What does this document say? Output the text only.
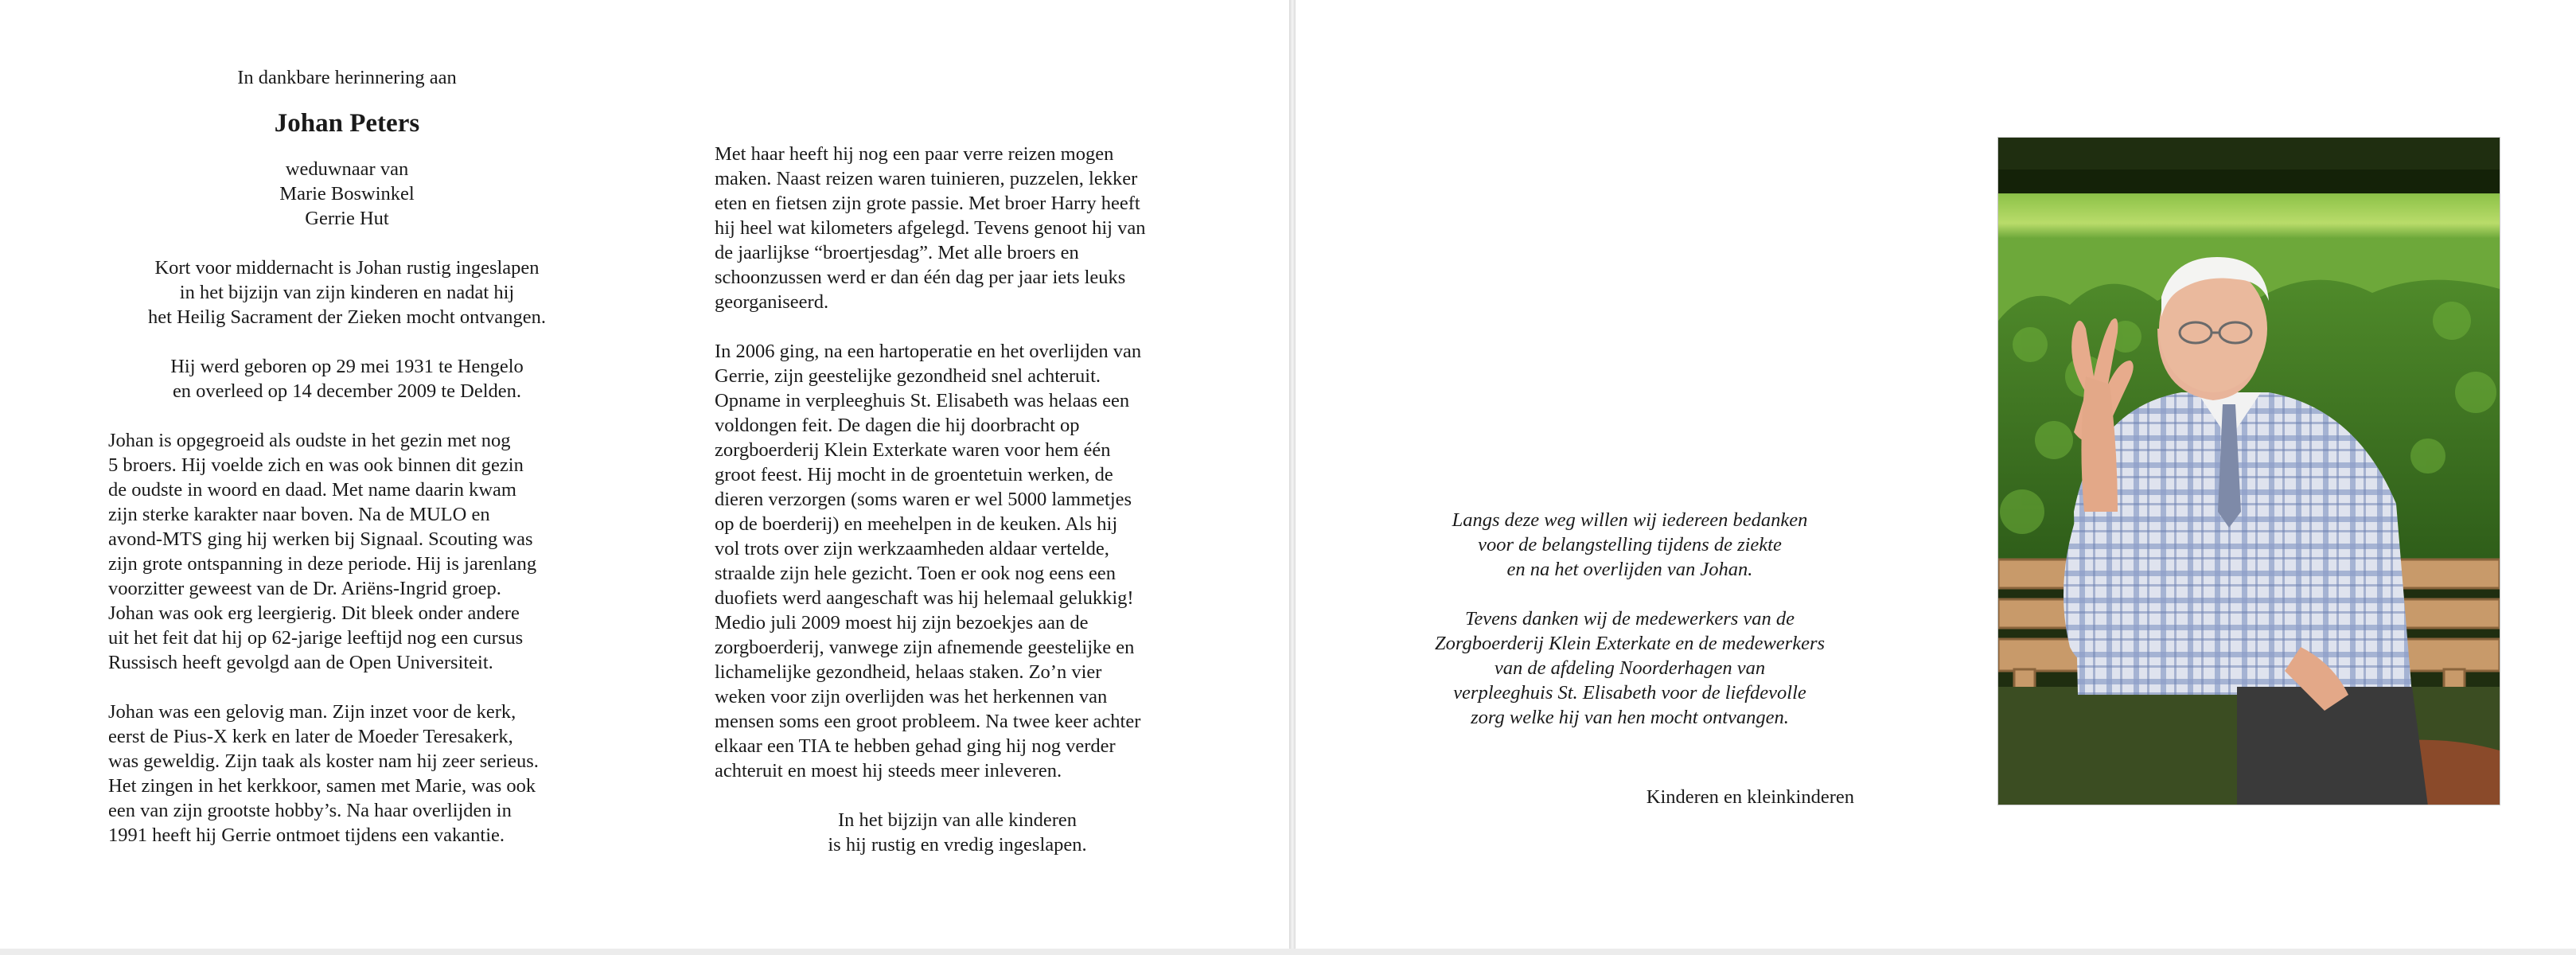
In dankbare herinnering aan
Johan Peters
weduwnaar van
Marie Boswinkel
Gerrie Hut
Kort voor middernacht is Johan rustig ingeslapen
in het bijzijn van zijn kinderen en nadat hij
het Heilig Sacrament der Zieken mocht ontvangen.
Hij werd geboren op 29 mei 1931 te Hengelo
en overleed op 14 december 2009 te Delden.
Johan is opgegroeid als oudste in het gezin met nog
5 broers. Hij voelde zich en was ook binnen dit gezin
de oudste in woord en daad. Met name daarin kwam
zijn sterke karakter naar boven. Na de MULO en
avond-MTS ging hij werken bij Signaal. Scouting was
zijn grote ontspanning in deze periode. Hij is jarenlang
voorzitter geweest van de Dr. Ariëns-Ingrid groep.
Johan was ook erg leergierig. Dit bleek onder andere
uit het feit dat hij op 62-jarige leeftijd nog een cursus
Russisch heeft gevolgd aan de Open Universiteit.
Johan was een gelovig man. Zijn inzet voor de kerk,
eerst de Pius-X kerk en later de Moeder Teresakerk,
was geweldig. Zijn taak als koster nam hij zeer serieus.
Het zingen in het kerkkoor, samen met Marie, was ook
een van zijn grootste hobby’s. Na haar overlijden in
1991 heeft hij Gerrie ontmoet tijdens een vakantie.
Met haar heeft hij nog een paar verre reizen mogen
maken. Naast reizen waren tuinieren, puzzelen, lekker
eten en fietsen zijn grote passie. Met broer Harry heeft
hij heel wat kilometers afgelegd. Tevens genoot hij van
de jaarlijkse “broertjesdag”. Met alle broers en
schoonzussen werd er dan één dag per jaar iets leuks
georganiseerd.
In 2006 ging, na een hartoperatie en het overlijden van
Gerrie, zijn geestelijke gezondheid snel achteruit.
Opname in verpleeghuis St. Elisabeth was helaas een
voldongen feit. De dagen die hij doorbracht op
zorgboerderij Klein Exterkate waren voor hem één
groot feest. Hij mocht in de groentetuin werken, de
dieren verzorgen (soms waren er wel 5000 lammetjes
op de boerderij) en meehelpen in de keuken. Als hij
vol trots over zijn werkzaamheden aldaar vertelde,
straalde zijn hele gezicht. Toen er ook nog eens een
duofiets werd aangeschaft was hij helemaal gelukkig!
Medio juli 2009 moest hij zijn bezoekjes aan de
zorgboerderij, vanwege zijn afnemende geestelijke en
lichamelijke gezondheid, helaas staken. Zo’n vier
weken voor zijn overlijden was het herkennen van
mensen soms een groot probleem. Na twee keer achter
elkaar een TIA te hebben gehad ging hij nog verder
achteruit en moest hij steeds meer inleveren.
In het bijzijn van alle kinderen
is hij rustig en vredig ingeslapen.
Langs deze weg willen wij iedereen bedanken
voor de belangstelling tijdens de ziekte
en na het overlijden van Johan.
Tevens danken wij de medewerkers van de
Zorgboerderij Klein Exterkate en de medewerkers
van de afdeling Noorderhagen van
verpleeghuis St. Elisabeth voor de liefdevolle
zorg welke hij van hen mocht ontvangen.
Kinderen en kleinkinderen
